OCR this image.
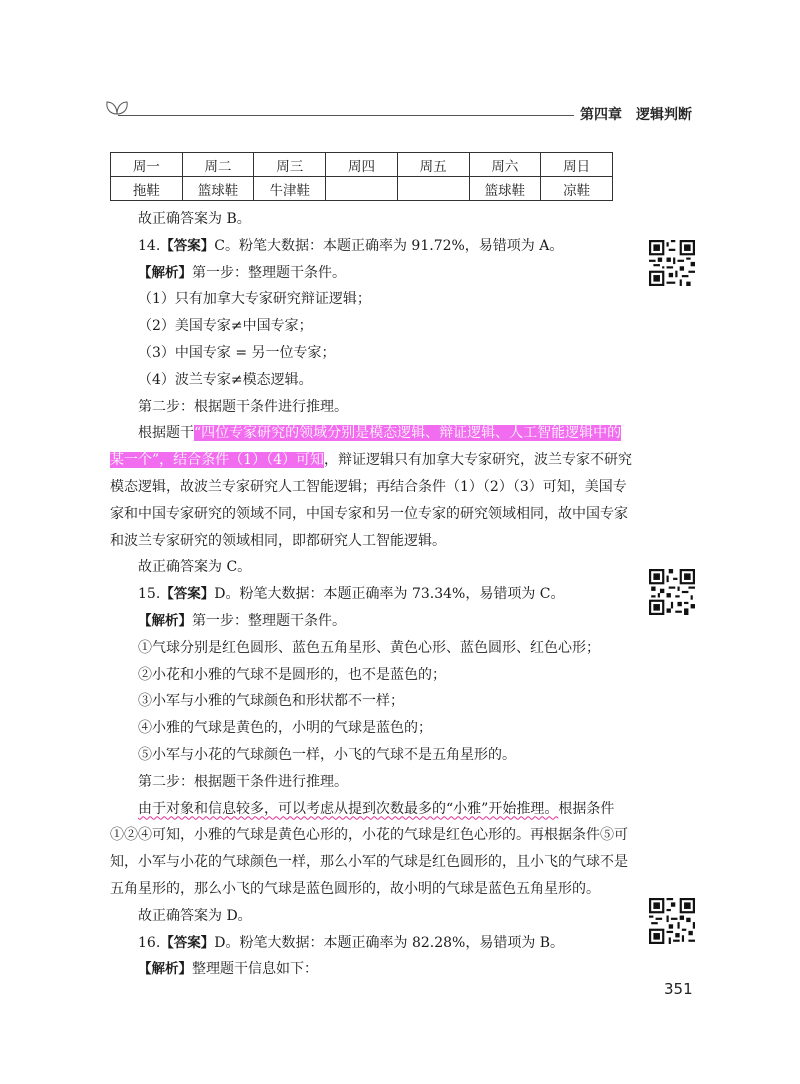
第四章 逻辑判断
周一	周二	周三	周四	周五	周六	周日
拖鞋	篮球鞋	牛津鞋			篮球鞋	凉鞋
故正确答案为 B。
14.【答案】C。粉笔大数据：本题正确率为 91.72%，易错项为 A。
【解析】第一步：整理题干条件。
（1）只有加拿大专家研究辩证逻辑；
（2）美国专家≠中国专家；
（3）中国专家 = 另一位专家；
（4）波兰专家≠模态逻辑。
第二步：根据题干条件进行推理。
根据题干“四位专家研究的领域分别是模态逻辑、辩证逻辑、人工智能逻辑中的
某一个”，结合条件（1）（4）可知，辩证逻辑只有加拿大专家研究，波兰专家不研究
模态逻辑，故波兰专家研究人工智能逻辑；再结合条件（1）（2）（3）可知，美国专
家和中国专家研究的领域不同，中国专家和另一位专家的研究领域相同，故中国专家
和波兰专家研究的领域相同，即都研究人工智能逻辑。
故正确答案为 C。
15.【答案】D。粉笔大数据：本题正确率为 73.34%，易错项为 C。
【解析】第一步：整理题干条件。
①气球分别是红色圆形、蓝色五角星形、黄色心形、蓝色圆形、红色心形；
②小花和小雅的气球不是圆形的，也不是蓝色的；
③小军与小雅的气球颜色和形状都不一样；
④小雅的气球是黄色的，小明的气球是蓝色的；
⑤小军与小花的气球颜色一样，小飞的气球不是五角星形的。
第二步：根据题干条件进行推理。
由于对象和信息较多，可以考虑从提到次数最多的“小雅”开始推理。根据条件
①②④可知，小雅的气球是黄色心形的，小花的气球是红色心形的。再根据条件⑤可
知，小军与小花的气球颜色一样，那么小军的气球是红色圆形的，且小飞的气球不是
五角星形的，那么小飞的气球是蓝色圆形的，故小明的气球是蓝色五角星形的。
故正确答案为 D。
16.【答案】D。粉笔大数据：本题正确率为 82.28%，易错项为 B。
【解析】整理题干信息如下：
351
